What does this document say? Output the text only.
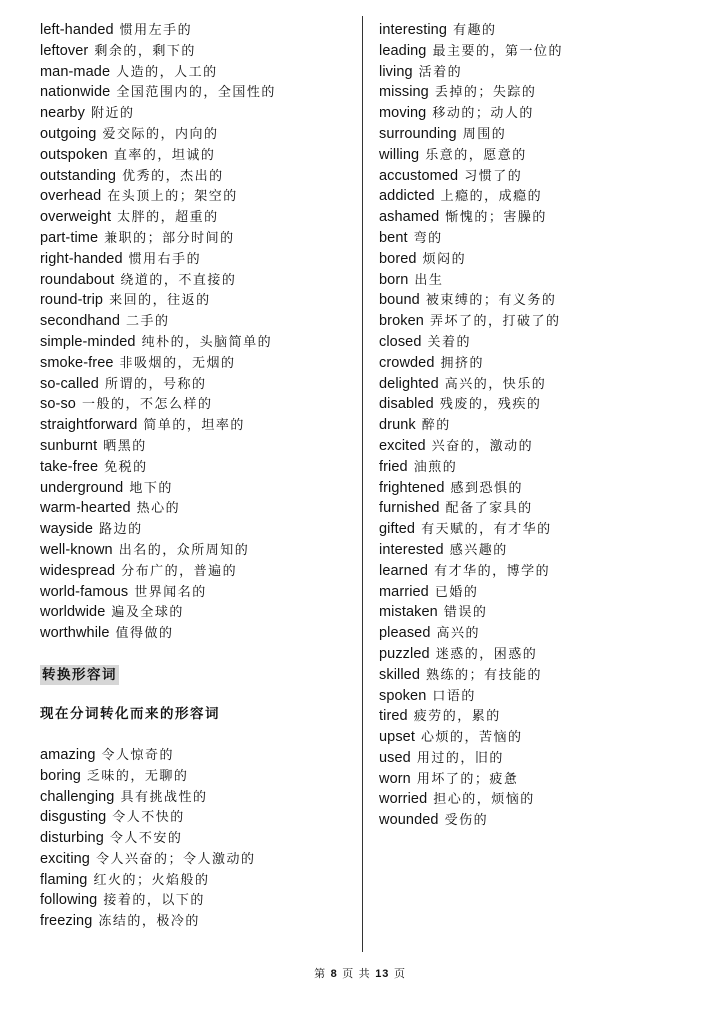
left-handed 惯用左手的
leftover 剩余的，剩下的
man-made 人造的，人工的
nationwide 全国范围内的，全国性的
nearby 附近的
outgoing 爱交际的，内向的
outspoken 直率的，坦诚的
outstanding 优秀的，杰出的
overhead 在头顶上的；架空的
overweight 太胖的，超重的
part-time 兼职的；部分时间的
right-handed 惯用右手的
roundabout 绕道的，不直接的
round-trip 来回的，往返的
secondhand 二手的
simple-minded 纯朴的，头脑简单的
smoke-free 非吸烟的，无烟的
so-called 所谓的，号称的
so-so 一般的，不怎么样的
straightforward 简单的，坦率的
sunburnt 晒黑的
take-free 免税的
underground 地下的
warm-hearted 热心的
wayside 路边的
well-known 出名的，众所周知的
widespread 分布广的，普遍的
world-famous 世界闻名的
worldwide 遍及全球的
worthwhile 值得做的
转换形容词
现在分词转化而来的形容词
amazing 令人惊奇的
boring 乏味的，无聊的
challenging 具有挑战性的
disgusting 令人不快的
disturbing 令人不安的
exciting 令人兴奋的；令人激动的
flaming 红火的；火焰般的
following 接着的，以下的
freezing 冻结的，极冷的
interesting 有趣的
leading 最主要的，第一位的
living 活着的
missing 丢掉的；失踪的
moving 移动的；动人的
surrounding 周围的
willing 乐意的，愿意的
accustomed 习惯了的
addicted 上瘾的，成瘾的
ashamed 惭愧的；害臊的
bent 弯的
bored 烦闷的
born 出生
bound 被束缚的；有义务的
broken 弄坏了的，打破了的
closed 关着的
crowded 拥挤的
delighted 高兴的，快乐的
disabled 残废的，残疾的
drunk 醉的
excited 兴奋的，激动的
fried 油煎的
frightened 感到恐惧的
furnished 配备了家具的
gifted 有天赋的，有才华的
interested 感兴趣的
learned 有才华的，博学的
married 已婚的
mistaken 错误的
pleased 高兴的
puzzled 迷惑的，困惑的
skilled 熟练的；有技能的
spoken 口语的
tired 疲劳的，累的
upset 心烦的，苦恼的
used 用过的，旧的
worn 用坏了的；疲惫
worried 担心的，烦恼的
wounded 受伤的
第 8 页 共 13 页
